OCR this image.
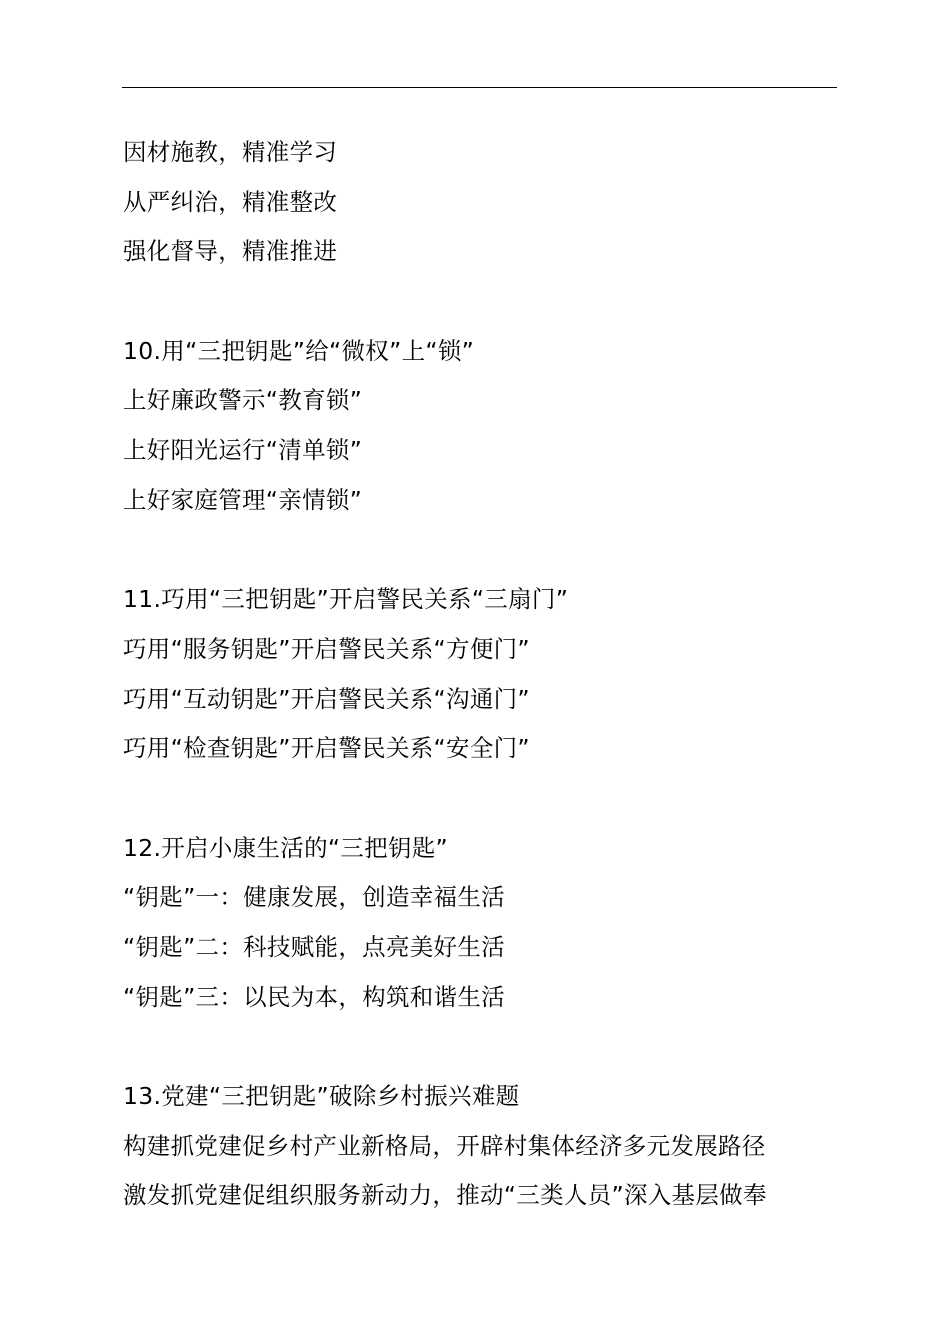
因材施教，精准学习
从严纠治，精准整改
强化督导，精准推进
10.用“三把钥匙”给“微权”上“锁”
上好廉政警示“教育锁”
上好阳光运行“清单锁”
上好家庭管理“亲情锁”
11.巧用“三把钥匙”开启警民关系“三扇门”
巧用“服务钥匙”开启警民关系“方便门”
巧用“互动钥匙”开启警民关系“沟通门”
巧用“检查钥匙”开启警民关系“安全门”
12.开启小康生活的“三把钥匙”
“钥匙”一：健康发展，创造幸福生活
“钥匙”二：科技赋能，点亮美好生活
“钥匙”三：以民为本，构筑和谐生活
13.党建“三把钥匙”破除乡村振兴难题
构建抓党建促乡村产业新格局，开辟村集体经济多元发展路径
激发抓党建促组织服务新动力，推动“三类人员”深入基层做奉
